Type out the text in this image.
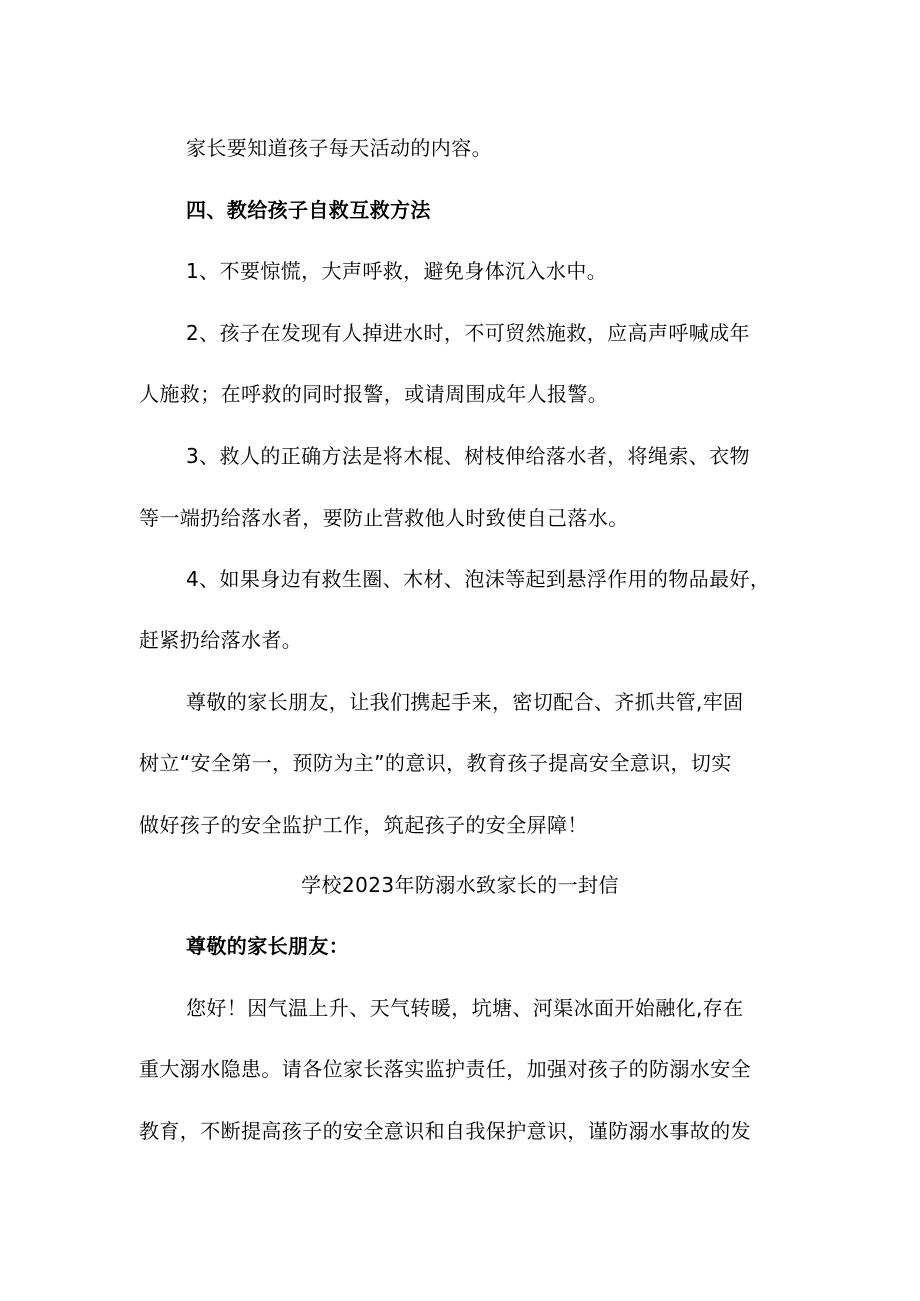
家长要知道孩子每天活动的内容。
四、教给孩子自救互救方法
1、不要惊慌，大声呼救，避免身体沉入水中。
2、孩子在发现有人掉进水时，不可贸然施救，应高声呼喊成年
人施救；在呼救的同时报警，或请周围成年人报警。
3、救人的正确方法是将木棍、树枝伸给落水者，将绳索、衣物
等一端扔给落水者，要防止营救他人时致使自己落水。
4、如果身边有救生圈、木材、泡沫等起到悬浮作用的物品最好，
赶紧扔给落水者。
尊敬的家长朋友，让我们携起手来，密切配合、齐抓共管,牢固
树立“安全第一，预防为主”的意识，教育孩子提高安全意识，切实
做好孩子的安全监护工作，筑起孩子的安全屏障！
学校2023年防溺水致家长的一封信
尊敬的家长朋友：
您好！因气温上升、天气转暖，坑塘、河渠冰面开始融化,存在
重大溺水隐患。请各位家长落实监护责任，加强对孩子的防溺水安全
教育，不断提高孩子的安全意识和自我保护意识，谨防溺水事故的发
